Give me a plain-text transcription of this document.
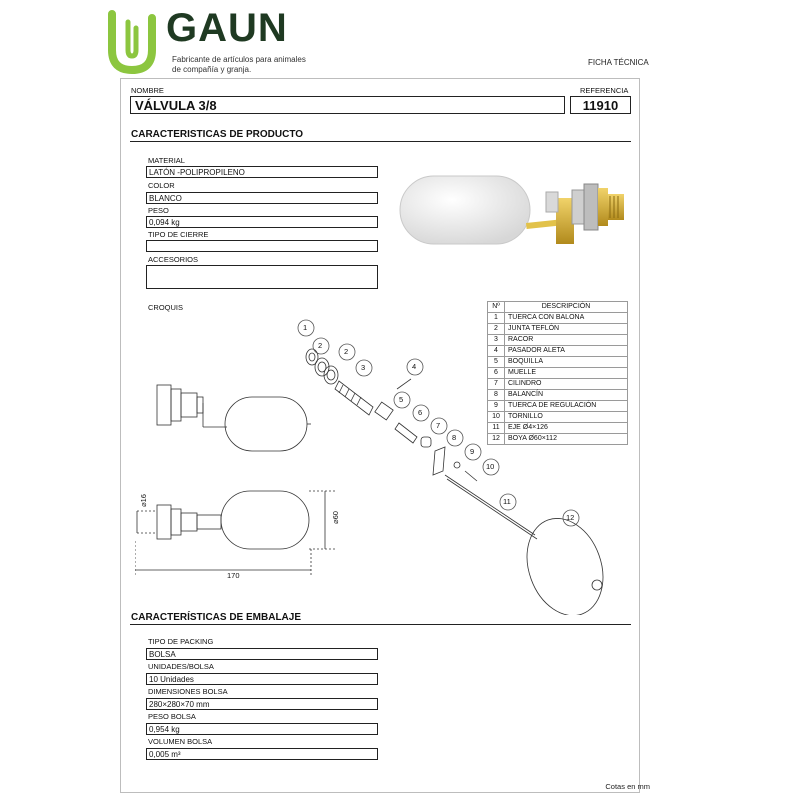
GAUN
Fabricante de artículos para animales
de compañía y granja.
FICHA TÉCNICA
NOMBRE	REFERENCIA
VÁLVULA 3/8	11910
CARACTERISTICAS DE PRODUCTO
MATERIAL
LATÓN -POLIPROPILENO
COLOR
BLANCO
PESO
0,094 kg
TIPO DE CIERRE
ACCESORIOS
CROQUIS
1
2
2
3	4
5
6
7
8
9
10
11
12
⌀16
⌀60
170
Nº	DESCRIPCIÓN
1	TUERCA CON BALONA
2	JUNTA TEFLÓN
3	RACOR
4	PASADOR ALETA
5	BOQUILLA
6	MUELLE
7	CILINDRO
8	BALANCÍN
9	TUERCA DE REGULACIÓN
10	TORNILLO
11	EJE Ø4×126
12	BOYA Ø60×112
CARACTERÍSTICAS DE EMBALAJE
TIPO DE PACKING
BOLSA
UNIDADES/BOLSA
10 Unidades
DIMENSIONES BOLSA
280×280×70 mm
PESO BOLSA
0,954 kg
VOLUMEN BOLSA
0,005 m³
Cotas en mm
